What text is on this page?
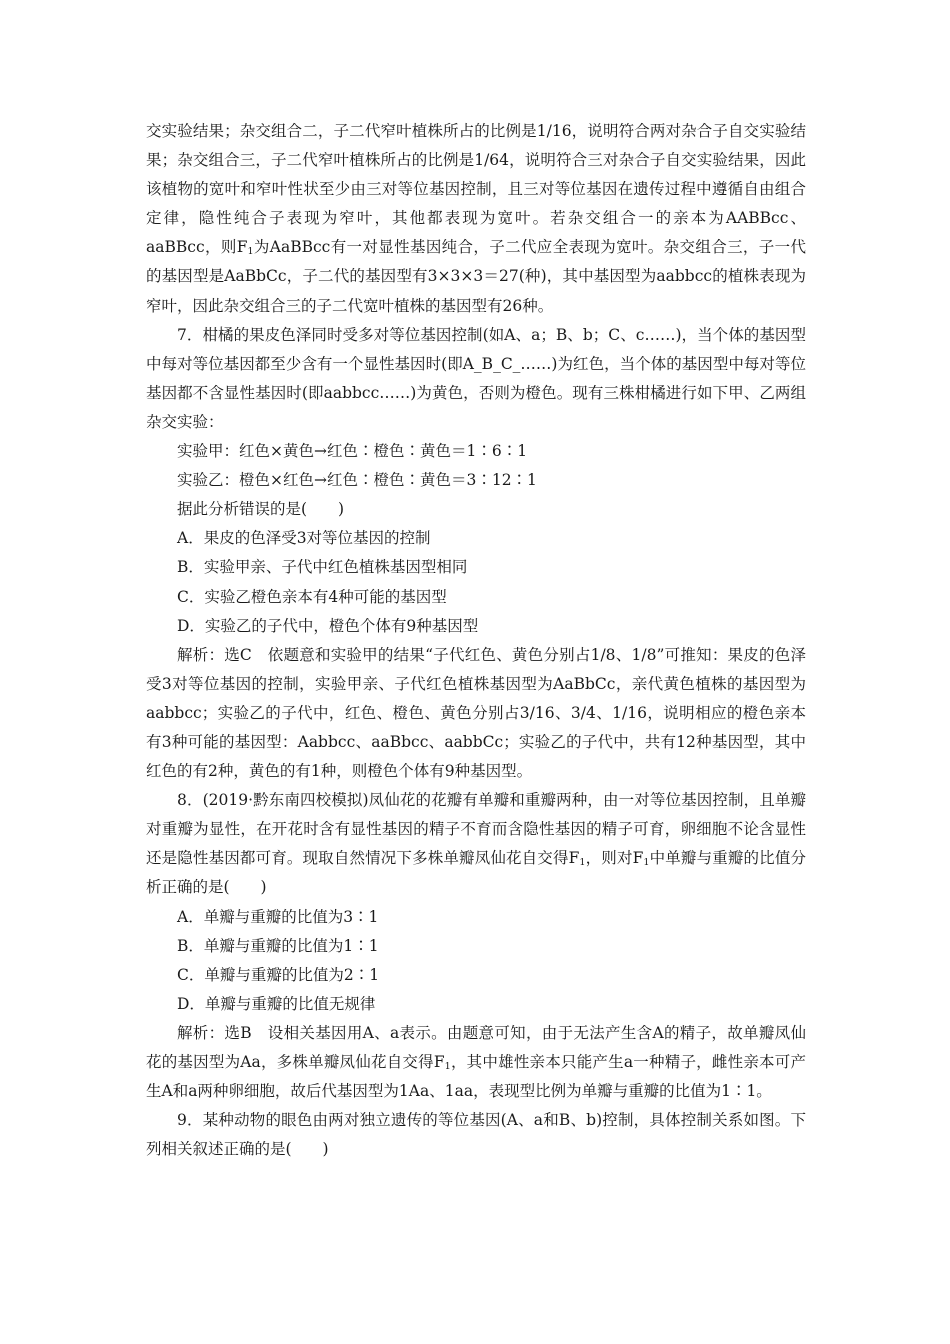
交实验结果；杂交组合二，子二代窄叶植株所占的比例是1/16，说明符合两对杂合子自交实验结果；杂交组合三，子二代窄叶植株所占的比例是1/64，说明符合三对杂合子自交实验结果，因此该植物的宽叶和窄叶性状至少由三对等位基因控制，且三对等位基因在遗传过程中遵循自由组合定律，隐性纯合子表现为窄叶，其他都表现为宽叶。若杂交组合一的亲本为AABBcc、aaBBcc，则$F_1$为AaBBcc有一对显性基因纯合，子二代应全表现为宽叶。杂交组合三，子一代的基因型是AaBbCc，子二代的基因型有3×3×3＝27(种)，其中基因型为aabbcc的植株表现为窄叶，因此杂交组合三的子二代宽叶植株的基因型有26种。

7．柑橘的果皮色泽同时受多对等位基因控制(如A、a；B、b；C、c……)，当个体的基因型中每对等位基因都至少含有一个显性基因时(即A_B_C_……)为红色，当个体的基因型中每对等位基因都不含显性基因时(即aabbcc……)为黄色，否则为橙色。现有三株柑橘进行如下甲、乙两组杂交实验：

实验甲：红色×黄色→红色∶橙色∶黄色＝1∶6∶1

实验乙：橙色×红色→红色∶橙色∶黄色＝3∶12∶1

据此分析错误的是(　　)

A．果皮的色泽受3对等位基因的控制

B．实验甲亲、子代中红色植株基因型相同

C．实验乙橙色亲本有4种可能的基因型

D．实验乙的子代中，橙色个体有9种基因型

解析：选C　依题意和实验甲的结果“子代红色、黄色分别占1/8、1/8”可推知：果皮的色泽受3对等位基因的控制，实验甲亲、子代红色植株基因型为AaBbCc，亲代黄色植株的基因型为aabbcc；实验乙的子代中，红色、橙色、黄色分别占3/16、3/4、1/16，说明相应的橙色亲本有3种可能的基因型：Aabbcc、aaBbcc、aabbCc；实验乙的子代中，共有12种基因型，其中红色的有2种，黄色的有1种，则橙色个体有9种基因型。

8．(2019·黔东南四校模拟)凤仙花的花瓣有单瓣和重瓣两种，由一对等位基因控制，且单瓣对重瓣为显性，在开花时含有显性基因的精子不育而含隐性基因的精子可育，卵细胞不论含显性还是隐性基因都可育。现取自然情况下多株单瓣凤仙花自交得$F_1$，则对$F_1$中单瓣与重瓣的比值分析正确的是(　　)

A．单瓣与重瓣的比值为3∶1

B．单瓣与重瓣的比值为1∶1

C．单瓣与重瓣的比值为2∶1

D．单瓣与重瓣的比值无规律

解析：选B　设相关基因用A、a表示。由题意可知，由于无法产生含A的精子，故单瓣凤仙花的基因型为Aa，多株单瓣凤仙花自交得$F_1$，其中雄性亲本只能产生a一种精子，雌性亲本可产生A和a两种卵细胞，故后代基因型为1Aa、1aa，表现型比例为单瓣与重瓣的比值为1∶1。

9．某种动物的眼色由两对独立遗传的等位基因(A、a和B、b)控制，具体控制关系如图。下列相关叙述正确的是(　　)
